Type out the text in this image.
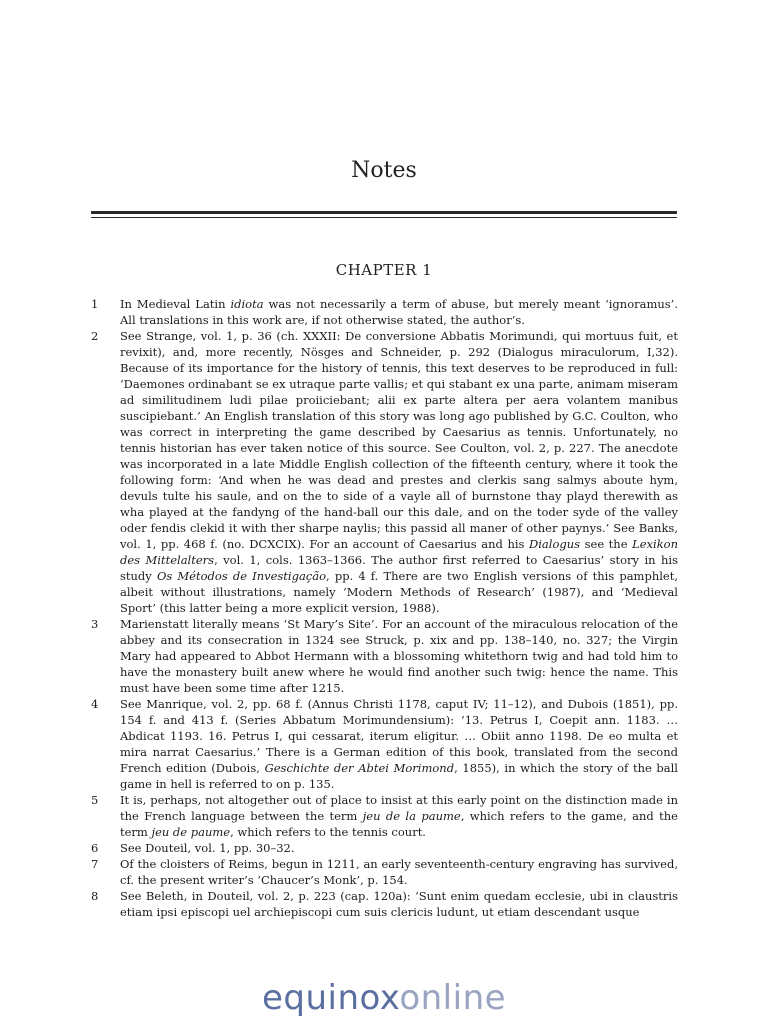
Notes
CHAPTER 1
1	In Medieval Latin idiota was not necessarily a term of abuse, but merely meant ‘ignoramus’. All translations in this work are, if not otherwise stated, the author’s.
2	See Strange, vol. 1, p. 36 (ch. XXXII: De conversione Abbatis Morimundi, qui mortuus fuit, et revixit), and, more recently, Nösges and Schneider, p. 292 (Dialogus miraculorum, I,32). Because of its importance for the history of tennis, this text deserves to be reproduced in full: ‘Daemones ordinabant se ex utraque parte vallis; et qui stabant ex una parte, animam miseram ad similitudinem ludi pilae proiiciebant; alii ex parte altera per aera volantem manibus suscipiebant.’ An English translation of this story was long ago published by G.C. Coulton, who was correct in interpreting the game described by Caesarius as tennis. Unfortunately, no tennis historian has ever taken notice of this source. See Coulton, vol. 2, p. 227. The anecdote was incorporated in a late Middle English collection of the fifteenth century, where it took the following form: ‘And when he was dead and prestes and clerkis sang salmys aboute hym, devuls tulte his saule, and on the to side of a vayle all of burnstone thay playd therewith as wha played at the fandyng of the hand-ball our this dale, and on the toder syde of the valley oder fendis clekid it with ther sharpe naylis; this passid all maner of other paynys.’ See Banks, vol. 1, pp. 468 f. (no. DCXCIX). For an account of Caesarius and his Dialogus see the Lexikon des Mittelalters, vol. 1, cols. 1363–1366. The author first referred to Caesarius’ story in his study Os Métodos de Investigação, pp. 4 f. There are two English versions of this pamphlet, albeit without illustrations, namely ‘Modern Methods of Research’ (1987), and ‘Medieval Sport’ (this latter being a more explicit version, 1988).
3	Marienstatt literally means ‘St Mary’s Site’. For an account of the miraculous relocation of the abbey and its consecration in 1324 see Struck, p. xix and pp. 138–140, no. 327; the Virgin Mary had appeared to Abbot Hermann with a blossoming whitethorn twig and had told him to have the monastery built anew where he would find another such twig: hence the name. This must have been some time after 1215.
4	See Manrique, vol. 2, pp. 68 f. (Annus Christi 1178, caput IV; 11–12), and Dubois (1851), pp. 154 f. and 413 f. (Series Abbatum Morimundensium): ‘13. Petrus I, Coepit ann. 1183. … Abdicat 1193. 16. Petrus I, qui cessarat, iterum eligitur. … Obiit anno 1198. De eo multa et mira narrat Caesarius.’ There is a German edition of this book, translated from the second French edition (Dubois, Geschichte der Abtei Morimond, 1855), in which the story of the ball game in hell is referred to on p. 135.
5	It is, perhaps, not altogether out of place to insist at this early point on the distinction made in the French language between the term jeu de la paume, which refers to the game, and the term jeu de paume, which refers to the tennis court.
6	See Douteil, vol. 1, pp. 30–32.
7	Of the cloisters of Reims, begun in 1211, an early seventeenth-century engraving has survived, cf. the present writer’s ‘Chaucer’s Monk’, p. 154.
8	See Beleth, in Douteil, vol. 2, p. 223 (cap. 120a): ‘Sunt enim quedam ecclesie, ubi in claustris etiam ipsi episcopi uel archiepiscopi cum suis clericis ludunt, ut etiam descendant usque
equinoxonline
